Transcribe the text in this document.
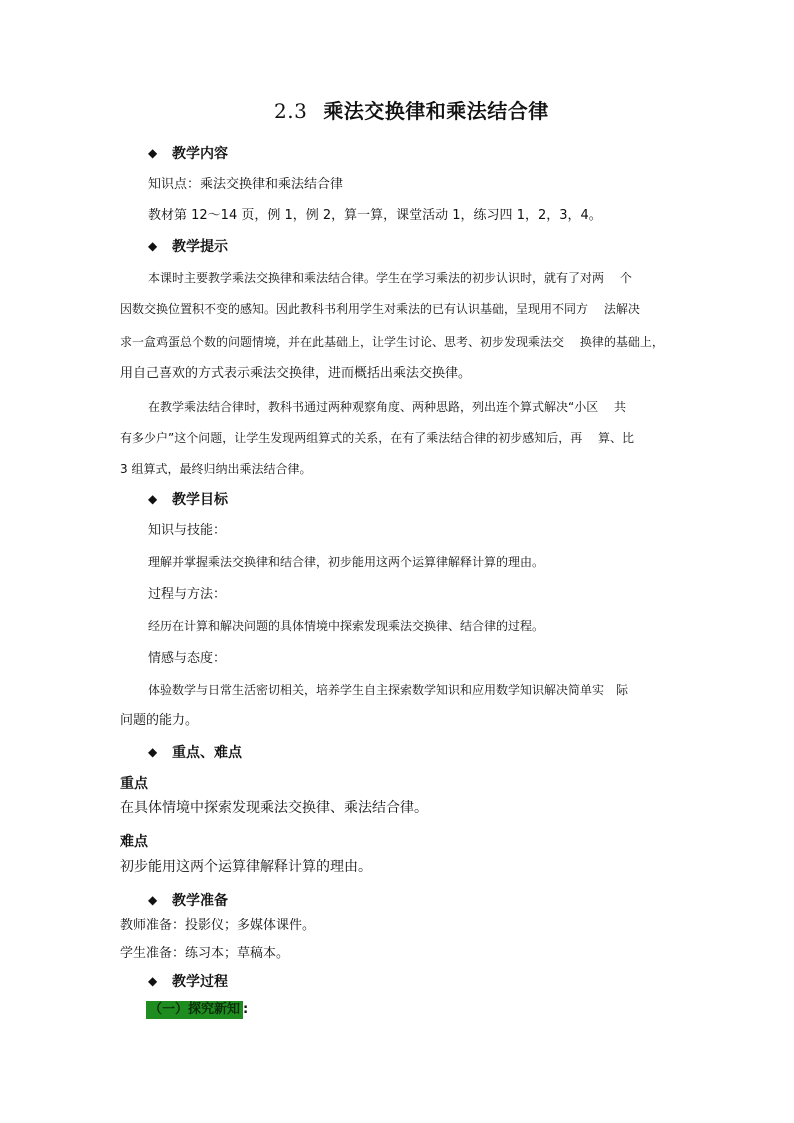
2.3 乘法交换律和乘法结合律
◆ 教学内容
知识点：乘法交换律和乘法结合律
教材第 12～14 页，例 1，例 2，算一算，课堂活动 1，练习四 1，2，3，4。
◆ 教学提示
本课时主要教学乘法交换律和乘法结合律。学生在学习乘法的初步认识时，就有了对两　 个
因数交换位置积不变的感知。因此教科书利用学生对乘法的已有认识基础，呈现用不同方　 法解决
求一盒鸡蛋总个数的问题情境，并在此基础上，让学生讨论、思考、初步发现乘法交　 换律的基础上，
用自己喜欢的方式表示乘法交换律，进而概括出乘法交换律。
在教学乘法结合律时，教科书通过两种观察角度、两种思路，列出连个算式解决“小区　 共
有多少户”这个问题，让学生发现两组算式的关系，在有了乘法结合律的初步感知后，再　 算、比
3 组算式，最终归纳出乘法结合律。
◆ 教学目标
知识与技能：
理解并掌握乘法交换律和结合律，初步能用这两个运算律解释计算的理由。
过程与方法：
经历在计算和解决问题的具体情境中探索发现乘法交换律、结合律的过程。
情感与态度：
体验数学与日常生活密切相关，培养学生自主探索数学知识和应用数学知识解决简单实　际
问题的能力。
◆ 重点、难点
重点
在具体情境中探索发现乘法交换律、乘法结合律。
难点
初步能用这两个运算律解释计算的理由。
◆ 教学准备
教师准备：投影仪；多媒体课件。
学生准备：练习本；草稿本。
◆ 教学过程
（一）探究新知 :
